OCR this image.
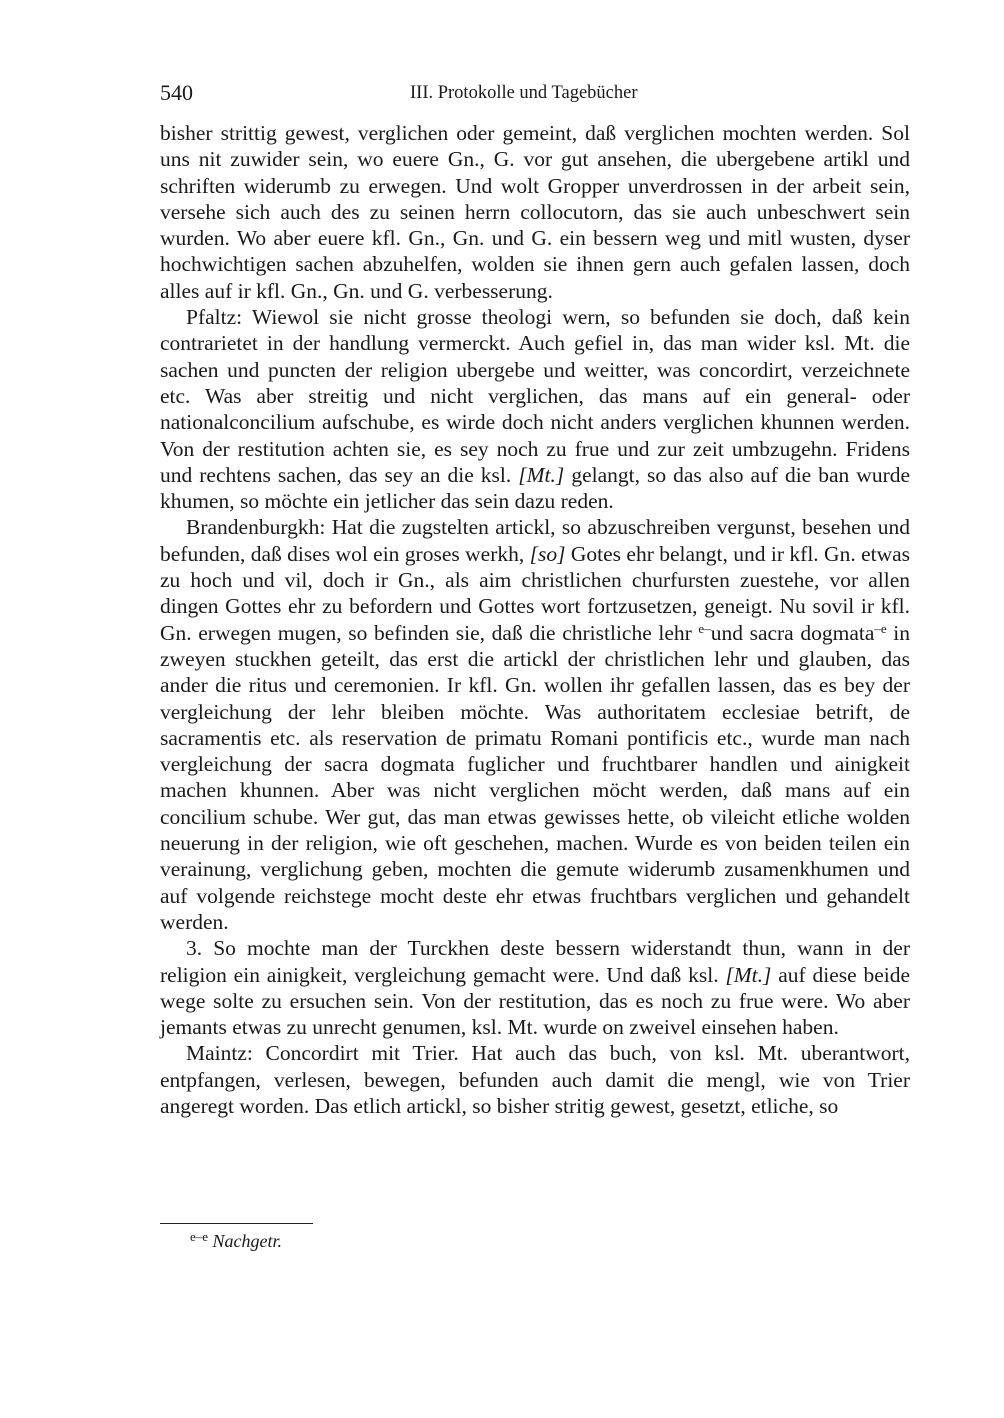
540	III. Protokolle und Tagebücher

bisher strittig gewest, verglichen oder gemeint, daß verglichen mochten werden. Sol uns nit zuwider sein, wo euere Gn., G. vor gut ansehen, die ubergebene artikl und schriften widerumb zu erwegen. Und wolt Gropper unverdrossen in der arbeit sein, versehe sich auch des zu seinen herrn collocutorn, das sie auch unbeschwert sein wurden. Wo aber euere kfl. Gn., Gn. und G. ein bessern weg und mitl wusten, dyser hochwichtigen sachen abzuhelfen, wolden sie ihnen gern auch gefalen lassen, doch alles auf ir kfl. Gn., Gn. und G. verbesserung.

Pfaltz: Wiewol sie nicht grosse theologi wern, so befunden sie doch, daß kein contrarietet in der handlung vermerckt. Auch gefiel in, das man wider ksl. Mt. die sachen und puncten der religion ubergebe und weitter, was concordirt, verzeichnete etc. Was aber streitig und nicht verglichen, das mans auf ein general- oder nationalconcilium aufschube, es wirde doch nicht anders verglichen khunnen werden. Von der restitution achten sie, es sey noch zu frue und zur zeit umbzugehn. Fridens und rechtens sachen, das sey an die ksl. [Mt.] gelangt, so das also auf die ban wurde khumen, so möchte ein jetlicher das sein dazu reden.

Brandenburgkh: Hat die zugstelten artickl, so abzuschreiben vergunst, besehen und befunden, daß dises wol ein groses werkh, [so] Gotes ehr belangt, und ir kfl. Gn. etwas zu hoch und vil, doch ir Gn., als aim christlichen churfursten zuestehe, vor allen dingen Gottes ehr zu befordern und Gottes wort fortzusetzen, geneigt. Nu sovil ir kfl. Gn. erwegen mugen, so befinden sie, daß die christliche lehr $^{e-}$und sacra dogmata$^{-e}$ in zweyen stuckhen geteilt, das erst die artickl der christlichen lehr und glauben, das ander die ritus und ceremonien. Ir kfl. Gn. wollen ihr gefallen lassen, das es bey der vergleichung der lehr bleiben möchte. Was authoritatem ecclesiae betrift, de sacramentis etc. als reservation de primatu Romani pontificis etc., wurde man nach vergleichung der sacra dogmata fuglicher und fruchtbarer handlen und ainigkeit machen khunnen. Aber was nicht verglichen möcht werden, daß mans auf ein concilium schube. Wer gut, das man etwas gewisses hette, ob vileicht etliche wolden neuerung in der religion, wie oft geschehen, machen. Wurde es von beiden teilen ein verainung, verglichung geben, mochten die gemute widerumb zusamenkhumen und auf volgende reichstege mocht deste ehr etwas fruchtbars verglichen und gehandelt werden.

3. So mochte man der Turckhen deste bessern widerstandt thun, wann in der religion ein ainigkeit, vergleichung gemacht were. Und daß ksl. [Mt.] auf diese beide wege solte zu ersuchen sein. Von der restitution, das es noch zu frue were. Wo aber jemants etwas zu unrecht genumen, ksl. Mt. wurde on zweivel einsehen haben.

Maintz: Concordirt mit Trier. Hat auch das buch, von ksl. Mt. uberantwort, entpfangen, verlesen, bewegen, befunden auch damit die mengl, wie von Trier angeregt worden. Das etlich artickl, so bisher stritig gewest, gesetzt, etliche, so

$^{e-e}$ Nachgetr.
